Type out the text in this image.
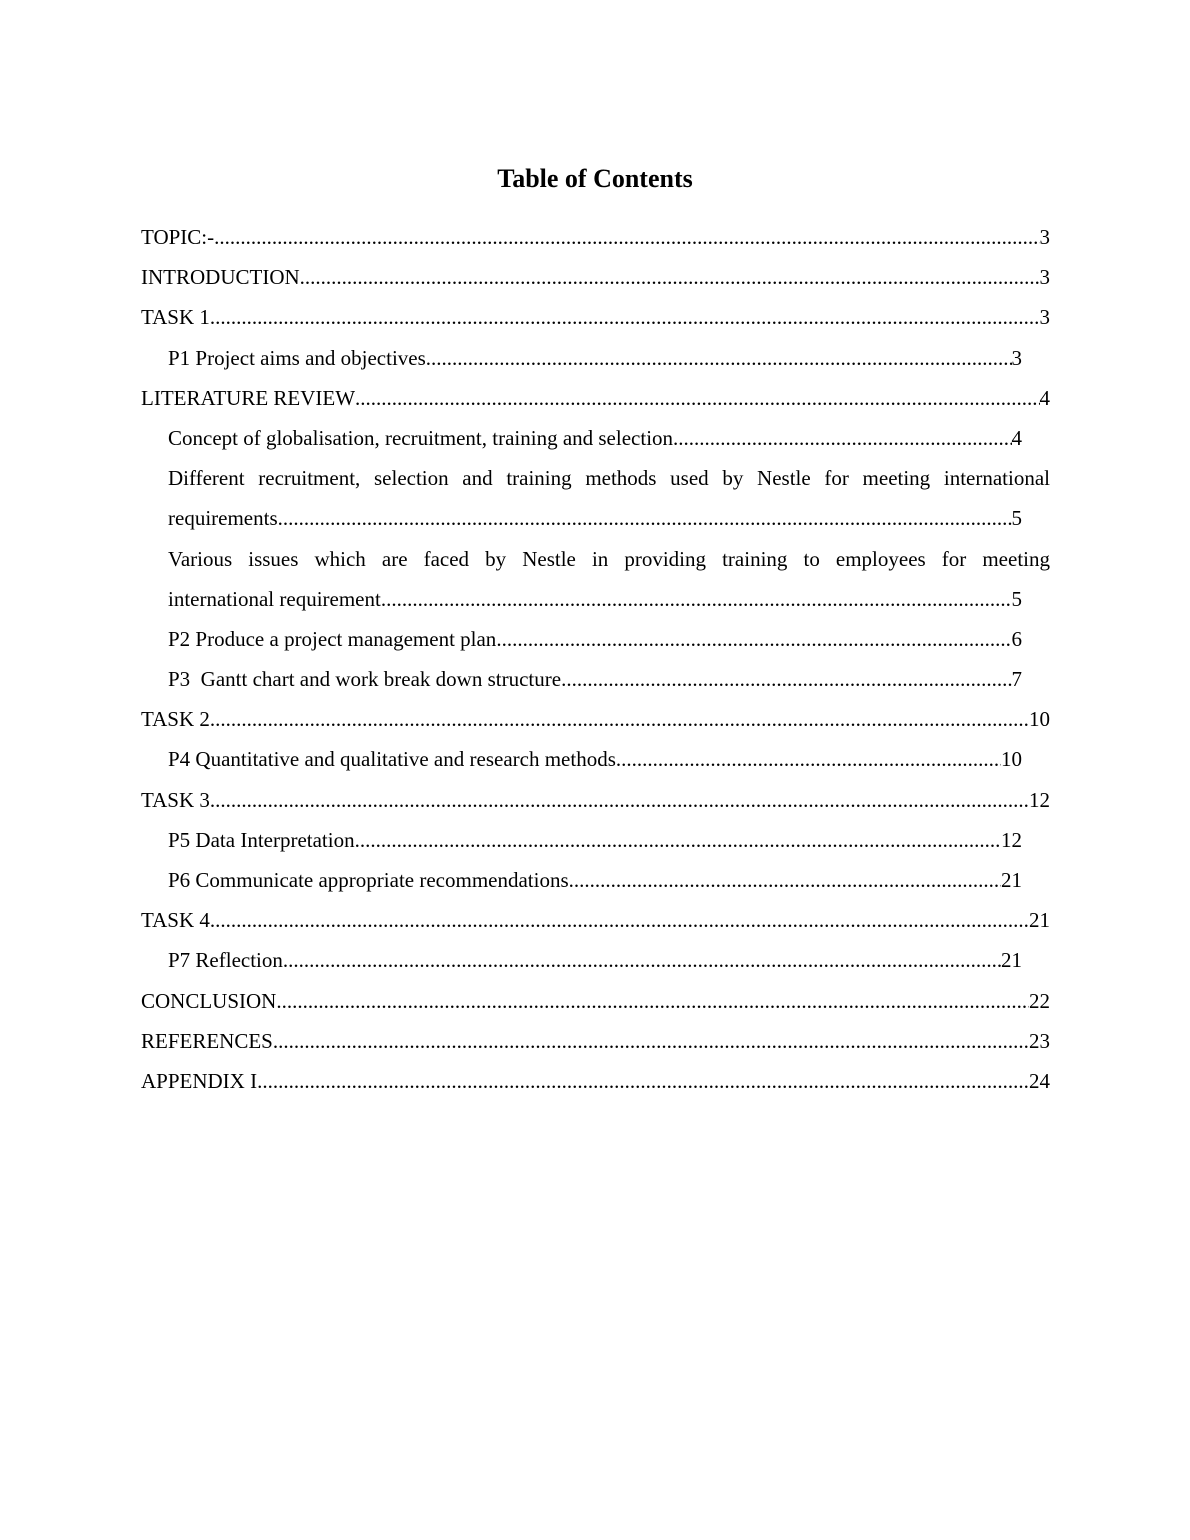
Table of Contents
TOPIC:- .....	3
INTRODUCTION .....	3
TASK 1 .....	3
P1 Project aims and objectives .....	3
LITERATURE REVIEW .....	4
Concept of globalisation, recruitment, training and selection .....	4
Different recruitment, selection and training methods used by Nestle for meeting international
requirements .....	5
Various issues which are faced by Nestle in providing training to employees for meeting
international requirement .....	5
P2 Produce a project management plan .....	6
P3  Gantt chart and work break down structure .....	7
TASK 2 .....	10
P4 Quantitative and qualitative and research methods .....	10
TASK 3 .....	12
P5 Data Interpretation .....	12
P6 Communicate appropriate recommendations .....	21
TASK 4 .....	21
P7 Reflection .....	21
CONCLUSION .....	22
REFERENCES .....	23
APPENDIX I .....	24
